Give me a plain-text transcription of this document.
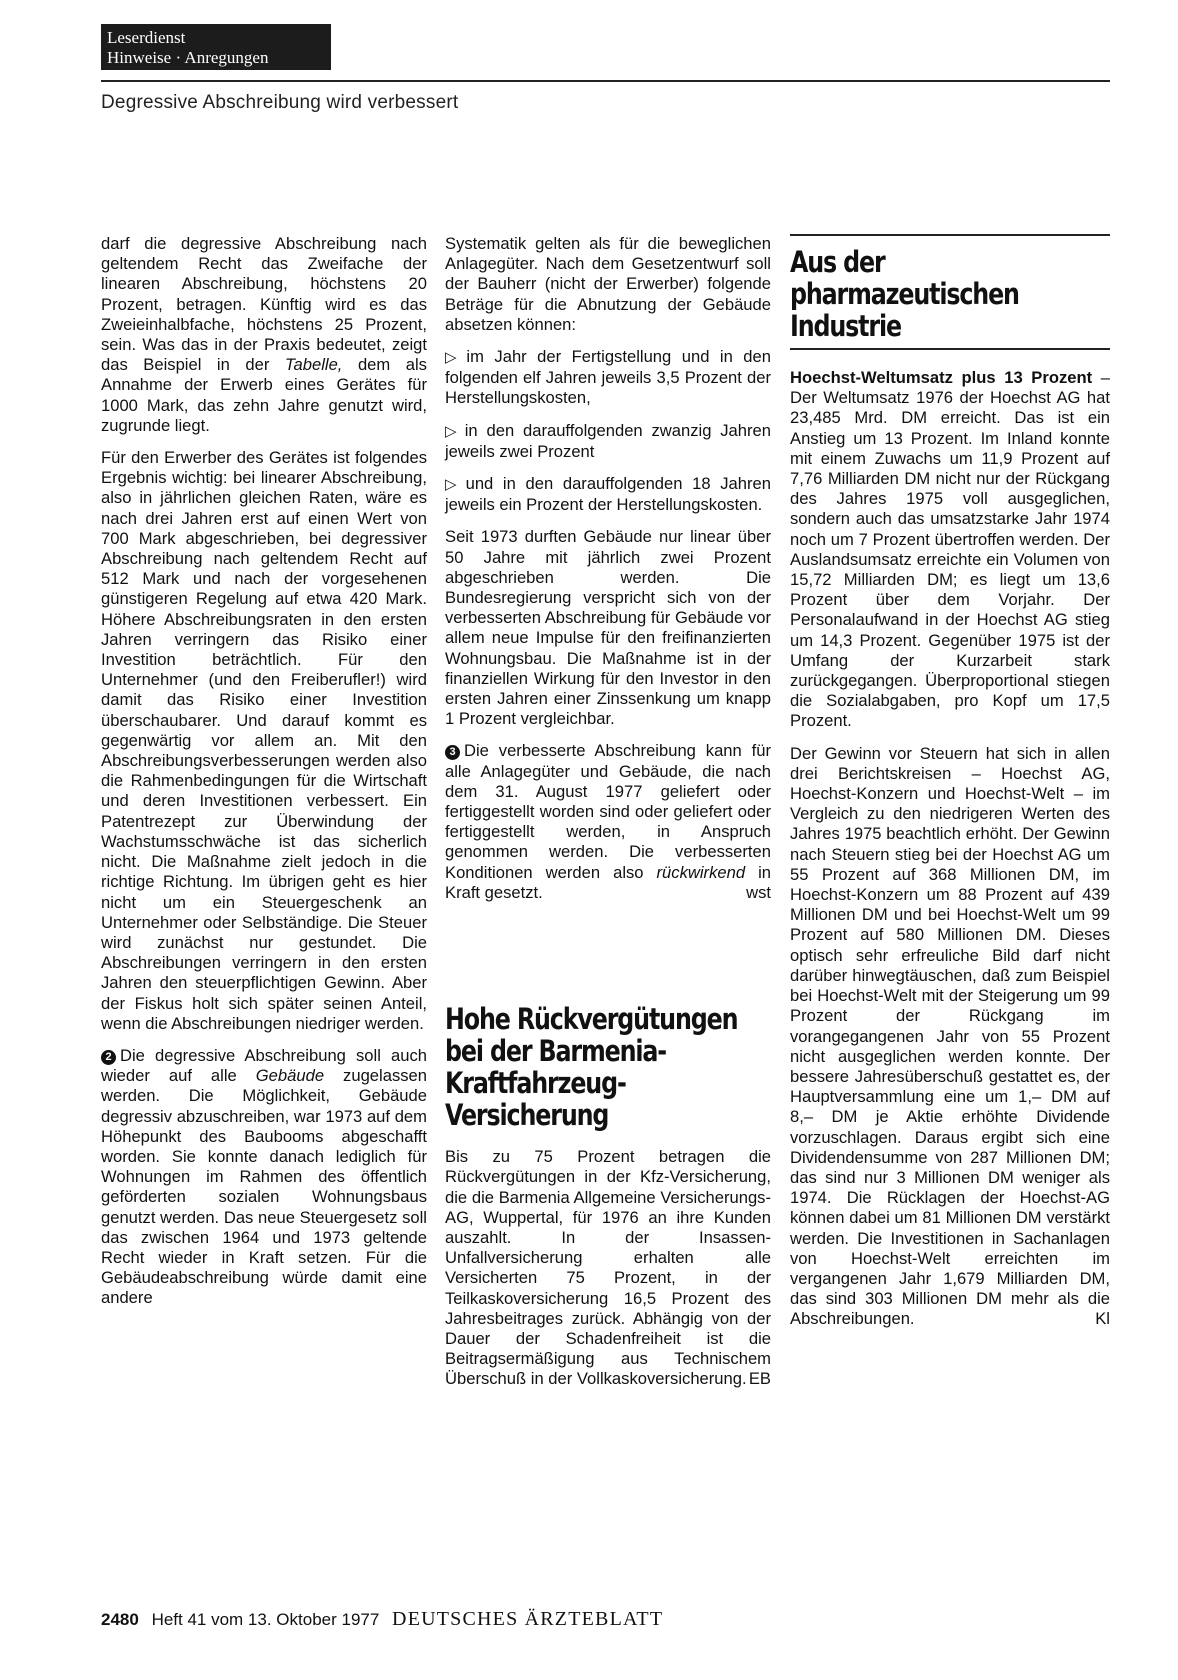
Leserdienst
Hinweise · Anregungen
Degressive Abschreibung wird verbessert

darf die degressive Abschreibung nach geltendem Recht das Zweifache der linearen Abschreibung, höchstens 20 Prozent, betragen. Künftig wird es das Zweieinhalbfache, höchstens 25 Prozent, sein. Was das in der Praxis bedeutet, zeigt das Beispiel in der Tabelle, dem als Annahme der Erwerb eines Gerätes für 1000 Mark, das zehn Jahre genutzt wird, zugrunde liegt.

Für den Erwerber des Gerätes ist folgendes Ergebnis wichtig: bei linearer Abschreibung, also in jährlichen gleichen Raten, wäre es nach drei Jahren erst auf einen Wert von 700 Mark abgeschrieben, bei degressiver Abschreibung nach geltendem Recht auf 512 Mark und nach der vorgesehenen günstigeren Regelung auf etwa 420 Mark. Höhere Abschreibungsraten in den ersten Jahren verringern das Risiko einer Investition beträchtlich. Für den Unternehmer (und den Freiberufler!) wird damit das Risiko einer Investition überschaubarer. Und darauf kommt es gegenwärtig vor allem an. Mit den Abschreibungsverbesserungen werden also die Rahmenbedingungen für die Wirtschaft und deren Investitionen verbessert. Ein Patentrezept zur Überwindung der Wachstumsschwäche ist das sicherlich nicht. Die Maßnahme zielt jedoch in die richtige Richtung. Im übrigen geht es hier nicht um ein Steuergeschenk an Unternehmer oder Selbständige. Die Steuer wird zunächst nur gestundet. Die Abschreibungen verringern in den ersten Jahren den steuerpflichtigen Gewinn. Aber der Fiskus holt sich später seinen Anteil, wenn die Abschreibungen niedriger werden.

2 Die degressive Abschreibung soll auch wieder auf alle Gebäude zugelassen werden. Die Möglichkeit, Gebäude degressiv abzuschreiben, war 1973 auf dem Höhepunkt des Baubooms abgeschafft worden. Sie konnte danach lediglich für Wohnungen im Rahmen des öffentlich geförderten sozialen Wohnungsbaus genutzt werden. Das neue Steuergesetz soll das zwischen 1964 und 1973 geltende Recht wieder in Kraft setzen. Für die Gebäudeabschreibung würde damit eine andere

Systematik gelten als für die beweglichen Anlagegüter. Nach dem Gesetzentwurf soll der Bauherr (nicht der Erwerber) folgende Beträge für die Abnutzung der Gebäude absetzen können:

▷ im Jahr der Fertigstellung und in den folgenden elf Jahren jeweils 3,5 Prozent der Herstellungskosten,

▷ in den darauffolgenden zwanzig Jahren jeweils zwei Prozent

▷ und in den darauffolgenden 18 Jahren jeweils ein Prozent der Herstellungskosten.

Seit 1973 durften Gebäude nur linear über 50 Jahre mit jährlich zwei Prozent abgeschrieben werden. Die Bundesregierung verspricht sich von der verbesserten Abschreibung für Gebäude vor allem neue Impulse für den freifinanzierten Wohnungsbau. Die Maßnahme ist in der finanziellen Wirkung für den Investor in den ersten Jahren einer Zinssenkung um knapp 1 Prozent vergleichbar.

3 Die verbesserte Abschreibung kann für alle Anlagegüter und Gebäude, die nach dem 31. August 1977 geliefert oder fertiggestellt worden sind oder geliefert oder fertiggestellt werden, in Anspruch genommen werden. Die verbesserten Konditionen werden also rückwirkend in Kraft gesetzt.	wst

Hohe Rückvergütungen
bei der Barmenia-
Kraftfahrzeug-Versicherung

Bis zu 75 Prozent betragen die Rückvergütungen in der Kfz-Versicherung, die die Barmenia Allgemeine Versicherungs-AG, Wuppertal, für 1976 an ihre Kunden auszahlt. In der Insassen-Unfallversicherung erhalten alle Versicherten 75 Prozent, in der Teilkaskoversicherung 16,5 Prozent des Jahresbeitrages zurück. Abhängig von der Dauer der Schadenfreiheit ist die Beitragsermäßigung aus Technischem Überschuß in der Vollkaskoversicherung. EB

Aus der
pharmazeutischen
Industrie

Hoechst-Weltumsatz plus 13 Prozent – Der Weltumsatz 1976 der Hoechst AG hat 23,485 Mrd. DM erreicht. Das ist ein Anstieg um 13 Prozent. Im Inland konnte mit einem Zuwachs um 11,9 Prozent auf 7,76 Milliarden DM nicht nur der Rückgang des Jahres 1975 voll ausgeglichen, sondern auch das umsatzstarke Jahr 1974 noch um 7 Prozent übertroffen werden. Der Auslandsumsatz erreichte ein Volumen von 15,72 Milliarden DM; es liegt um 13,6 Prozent über dem Vorjahr. Der Personalaufwand in der Hoechst AG stieg um 14,3 Prozent. Gegenüber 1975 ist der Umfang der Kurzarbeit stark zurückgegangen. Überproportional stiegen die Sozialabgaben, pro Kopf um 17,5 Prozent.

Der Gewinn vor Steuern hat sich in allen drei Berichtskreisen – Hoechst AG, Hoechst-Konzern und Hoechst-Welt – im Vergleich zu den niedrigeren Werten des Jahres 1975 beachtlich erhöht. Der Gewinn nach Steuern stieg bei der Hoechst AG um 55 Prozent auf 368 Millionen DM, im Hoechst-Konzern um 88 Prozent auf 439 Millionen DM und bei Hoechst-Welt um 99 Prozent auf 580 Millionen DM. Dieses optisch sehr erfreuliche Bild darf nicht darüber hinwegtäuschen, daß zum Beispiel bei Hoechst-Welt mit der Steigerung um 99 Prozent der Rückgang im vorangegangenen Jahr von 55 Prozent nicht ausgeglichen werden konnte. Der bessere Jahresüberschuß gestattet es, der Hauptversammlung eine um 1,– DM auf 8,– DM je Aktie erhöhte Dividende vorzuschlagen. Daraus ergibt sich eine Dividendensumme von 287 Millionen DM; das sind nur 3 Millionen DM weniger als 1974. Die Rücklagen der Hoechst-AG können dabei um 81 Millionen DM verstärkt werden. Die Investitionen in Sachanlagen von Hoechst-Welt erreichten im vergangenen Jahr 1,679 Milliarden DM, das sind 303 Millionen DM mehr als die Abschreibungen.	Kl

2480 Heft 41 vom 13. Oktober 1977 DEUTSCHES ÄRZTEBLATT
